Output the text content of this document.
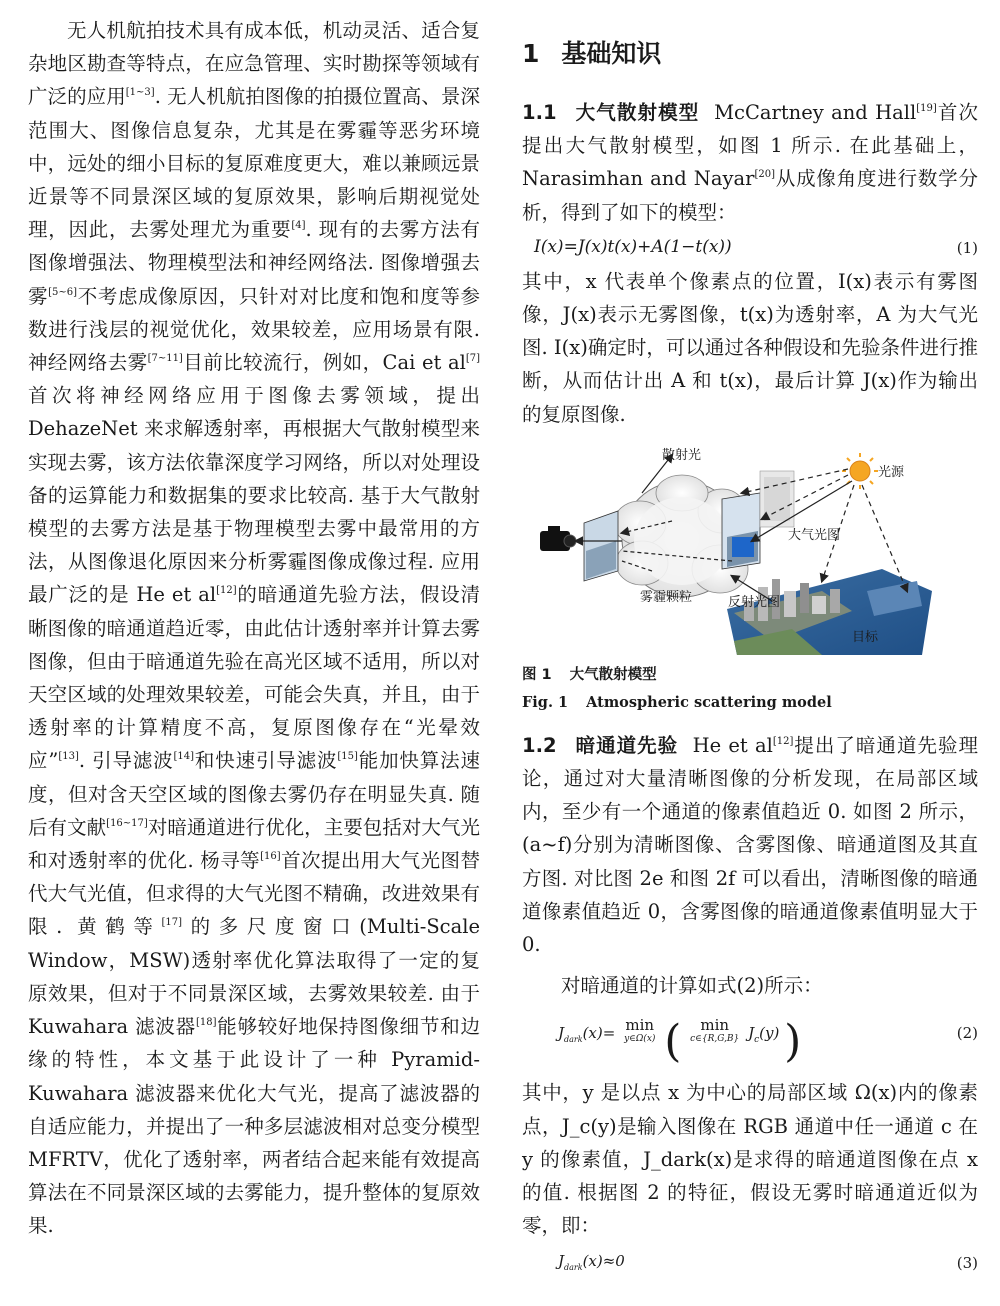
无人机航拍技术具有成本低，机动灵活、适合复杂地区勘查等特点，在应急管理、实时勘探等领域有广泛的应用[1~3]. 无人机航拍图像的拍摄位置高、景深范围大、图像信息复杂，尤其是在雾霾等恶劣环境中，远处的细小目标的复原难度更大，难以兼顾远景近景等不同景深区域的复原效果，影响后期视觉处理，因此，去雾处理尤为重要[4]. 现有的去雾方法有图像增强法、物理模型法和神经网络法. 图像增强去雾[5~6]不考虑成像原因，只针对对比度和饱和度等参数进行浅层的视觉优化，效果较差，应用场景有限. 神经网络去雾[7~11]目前比较流行，例如，Cai et al[7]首次将神经网络应用于图像去雾领域，提出 DehazeNet 来求解透射率，再根据大气散射模型来实现去雾，该方法依靠深度学习网络，所以对处理设备的运算能力和数据集的要求比较高. 基于大气散射模型的去雾方法是基于物理模型去雾中最常用的方法，从图像退化原因来分析雾霾图像成像过程. 应用最广泛的是 He et al[12]的暗通道先验方法，假设清晰图像的暗通道趋近零，由此估计透射率并计算去雾图像，但由于暗通道先验在高光区域不适用，所以对天空区域的处理效果较差，可能会失真，并且，由于透射率的计算精度不高，复原图像存在“光晕效应”[13]. 引导滤波[14]和快速引导滤波[15]能加快算法速度，但对含天空区域的图像去雾仍存在明显失真. 随后有文献[16~17]对暗通道进行优化，主要包括对大气光和对透射率的优化. 杨寻等[16]首次提出用大气光图替代大气光值，但求得的大气光图不精确，改进效果有限. 黄鹤等[17]的多尺度窗口(Multi-Scale Window，MSW)透射率优化算法取得了一定的复原效果，但对于不同景深区域，去雾效果较差. 由于 Kuwahara 滤波器[18]能够较好地保持图像细节和边缘的特性，本文基于此设计了一种 Pyramid-Kuwahara 滤波器来优化大气光，提高了滤波器的自适应能力，并提出了一种多层滤波相对总变分模型 MFRTV，优化了透射率，两者结合起来能有效提高算法在不同景深区域的去雾能力，提升整体的复原效果.

1 基础知识

1.1 大气散射模型 McCartney and Hall[19]首次提出大气散射模型，如图 1 所示. 在此基础上，Narasimhan and Nayar[20]从成像角度进行数学分析，得到了如下的模型：

I(x)=J(x)t(x)+A(1−t(x))	(1)

其中，x 代表单个像素点的位置，I(x)表示有雾图像，J(x)表示无雾图像，t(x)为透射率，A 为大气光图. I(x)确定时，可以通过各种假设和先验条件进行推断，从而估计出 A 和 t(x)，最后计算 J(x)作为输出的复原图像.

散射光
光源
大气光图
雾霾颗粒	反射光图
目标
图 1 大气散射模型
Fig. 1 Atmospheric scattering model

1.2 暗通道先验 He et al[12]提出了暗通道先验理论，通过对大量清晰图像的分析发现，在局部区域内，至少有一个通道的像素值趋近 0. 如图 2 所示，(a~f)分别为清晰图像、含雾图像、暗通道图及其直方图. 对比图 2e 和图 2f 可以看出，清晰图像的暗通道像素值趋近 0，含雾图像的暗通道像素值明显大于 0.

对暗通道的计算如式(2)所示：

$J_{dark}(x)= \min$
y∈Ω(x) ( min
c∈{R,G,B} $J_c(y)$ )	(2)

其中，y 是以点 x 为中心的局部区域 Ω(x)内的像素点，J_c(y)是输入图像在 RGB 通道中任一通道 c 在 y 的像素值，J_dark(x)是求得的暗通道图像在点 x 的值. 根据图 2 的特征，假设无雾时暗通道近似为零，即：

$J_{dark}(x)\approx 0$	(3)
